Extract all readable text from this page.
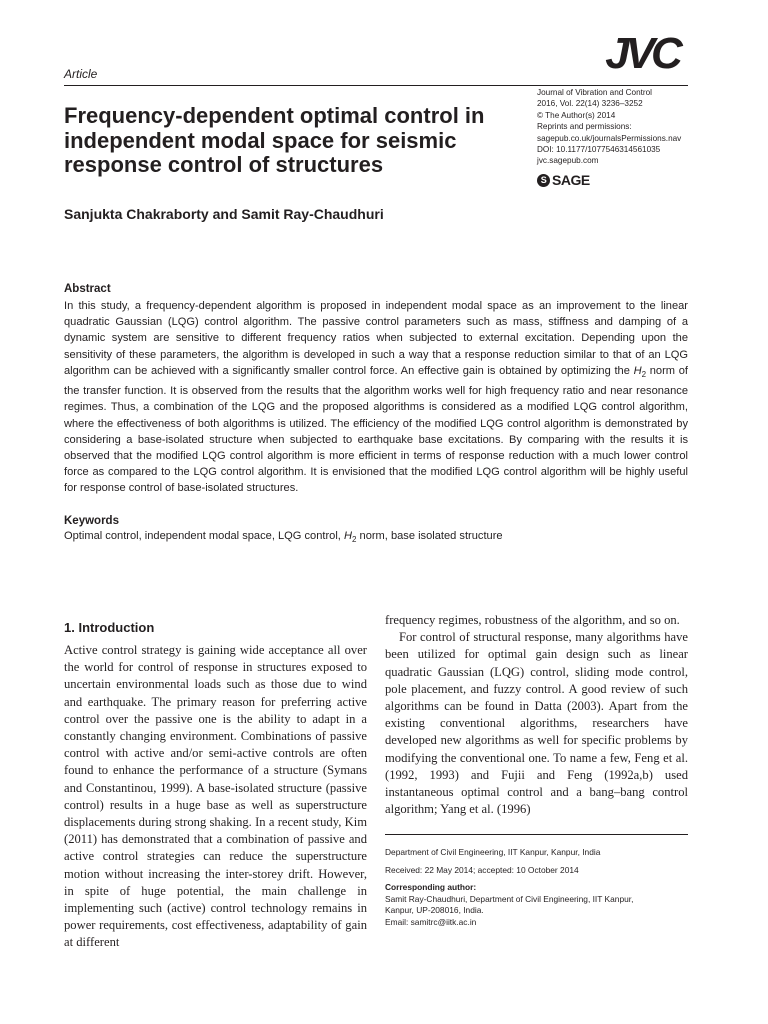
Article	JVC
Journal of Vibration and Control
2016, Vol. 22(14) 3236–3252
© The Author(s) 2014
Reprints and permissions:
sagepub.co.uk/journalsPermissions.nav
DOI: 10.1177/1077546314561035
jvc.sagepub.com
S SAGE
Frequency-dependent optimal control in independent modal space for seismic response control of structures
Sanjukta Chakraborty and Samit Ray-Chaudhuri
Abstract
In this study, a frequency-dependent algorithm is proposed in independent modal space as an improvement to the linear quadratic Gaussian (LQG) control algorithm. The passive control parameters such as mass, stiffness and damping of a dynamic system are sensitive to different frequency ratios when subjected to external excitation. Depending upon the sensitivity of these parameters, the algorithm is developed in such a way that a response reduction similar to that of an LQG algorithm can be achieved with a significantly smaller control force. An effective gain is obtained by optimizing the $H_2$ norm of the transfer function. It is observed from the results that the algorithm works well for high frequency ratio and near resonance regimes. Thus, a combination of the LQG and the proposed algorithms is considered as a modified LQG control algorithm, where the effectiveness of both algorithms is utilized. The efficiency of the modified LQG control algorithm is demonstrated by considering a base-isolated structure when subjected to earthquake base excitations. By comparing with the results it is observed that the modified LQG control algorithm is more efficient in terms of response reduction with a much lower control force as compared to the LQG control algorithm. It is envisioned that the modified LQG control algorithm will be highly useful for response control of base-isolated structures.
Keywords
Optimal control, independent modal space, LQG control, $H_2$ norm, base isolated structure
1. Introduction

Active control strategy is gaining wide acceptance all over the world for control of response in structures exposed to uncertain environmental loads such as those due to wind and earthquake. The primary reason for preferring active control over the passive one is the ability to adapt in a constantly changing environment. Combinations of passive control with active and/or semi-active controls are often found to enhance the performance of a structure (Symans and Constantinou, 1999). A base-isolated structure (passive control) results in a huge base as well as superstructure displacements during strong shaking. In a recent study, Kim (2011) has demonstrated that a combination of passive and active control strategies can reduce the superstructure motion without increasing the inter-storey drift. However, in spite of huge potential, the main challenge in implementing such (active) control technology remains in power requirements, cost effectiveness, adaptability of gain at different

frequency regimes, robustness of the algorithm, and so on.

For control of structural response, many algorithms have been utilized for optimal gain design such as linear quadratic Gaussian (LQG) control, sliding mode control, pole placement, and fuzzy control. A good review of such algorithms can be found in Datta (2003). Apart from the existing conventional algorithms, researchers have developed new algorithms as well for specific problems by modifying the conventional one. To name a few, Feng et al. (1992, 1993) and Fujii and Feng (1992a,b) used instantaneous optimal control and a bang–bang control algorithm; Yang et al. (1996)

Department of Civil Engineering, IIT Kanpur, Kanpur, India
Received: 22 May 2014; accepted: 10 October 2014
Corresponding author:
Samit Ray-Chaudhuri, Department of Civil Engineering, IIT Kanpur,
Kanpur, UP-208016, India.
Email: samitrc@iitk.ac.in
